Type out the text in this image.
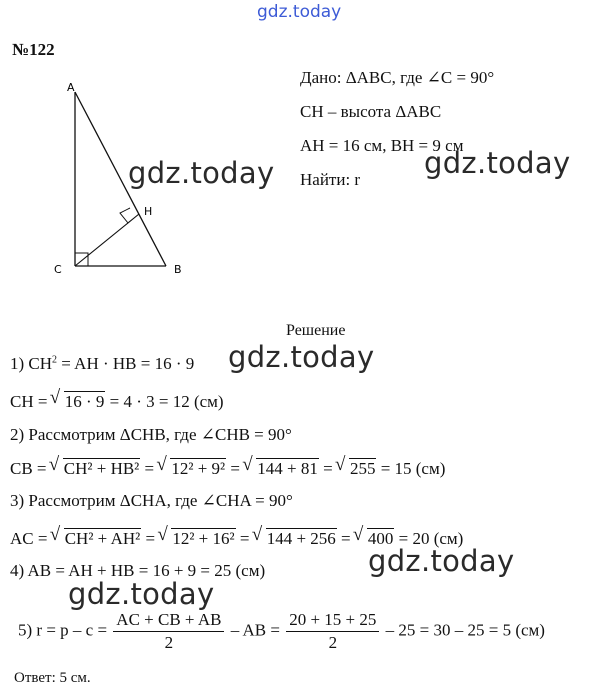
gdz.today
№122
A
C	B
H
Дано: ΔABC, где ∠C = 90°
CH – высота ΔABC
AH = 16 см, BH = 9 см
Найти: r
gdz.today	gdz.today
Решение
1) $CH^2$ = AH · HB = 16 · 9 gdz.today
CH = √ 16 · 9 = 4 · 3 = 12 (см)
2) Рассмотрим ΔCHB, где ∠CHB = 90°
CB = √ CH² + HB² = √ 12² + 9² = √ 144 + 81 = √ 255 = 15 (см)
3) Рассмотрим ΔCHA, где ∠CHA = 90°
AC = √ CH² + AH² = √ 12² + 16² = √ 144 + 256 = √ 400 = 20 (см)
4) AB = AH + HB = 16 + 9 = 25 (см)	gdz.today
gdz.today
5) $r = p - c = \frac{AC + CB + AB}{2}$ – AB = $\frac{20 + 15 + 25}{2} - 25 = 30 - 25 = 5$ (см)
Ответ: 5 см.
